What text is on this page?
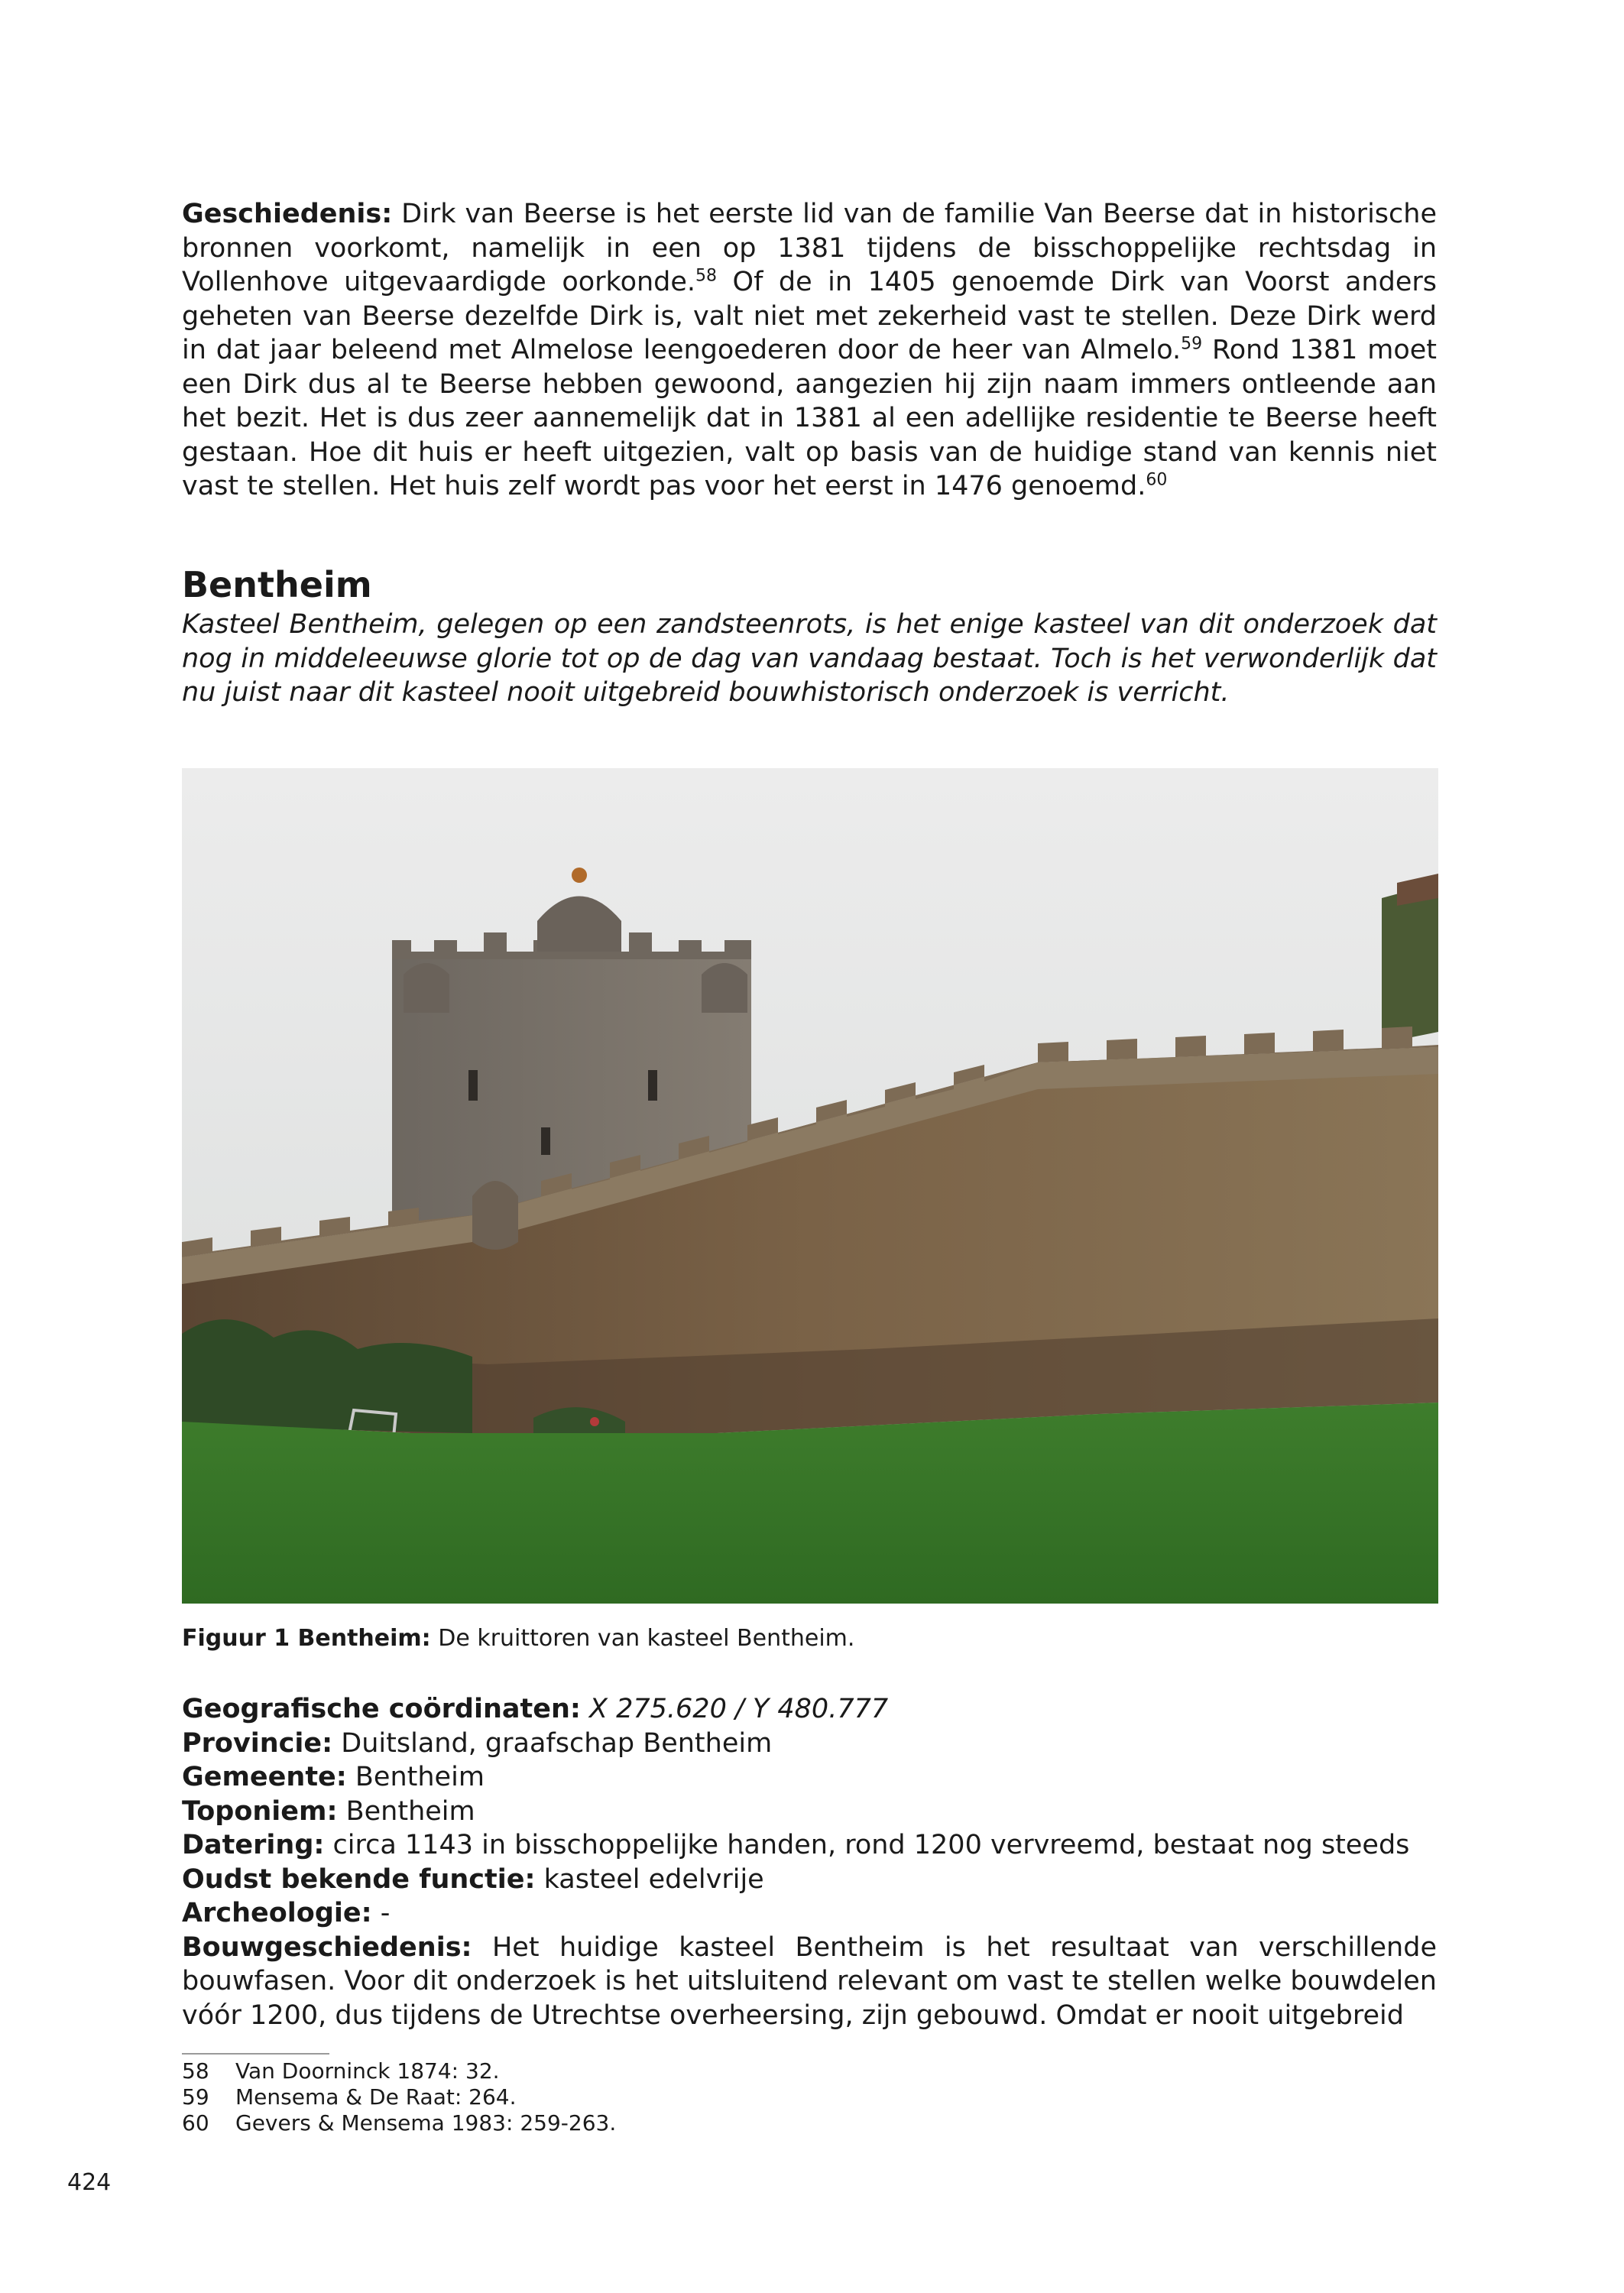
Geschiedenis: Dirk van Beerse is het eerste lid van de familie Van Beerse dat in historische bronnen voorkomt, namelijk in een op 1381 tijdens de bisschoppelijke rechtsdag in Vollenhove uitgevaardigde oorkonde.$^{58}$ Of de in 1405 genoemde Dirk van Voorst anders geheten van Beerse dezelfde Dirk is, valt niet met zekerheid vast te stellen. Deze Dirk werd in dat jaar beleend met Almelose leengoederen door de heer van Almelo.$^{59}$ Rond 1381 moet een Dirk dus al te Beerse hebben gewoond, aangezien hij zijn naam immers ontleende aan het bezit. Het is dus zeer aannemelijk dat in 1381 al een adellijke residentie te Beerse heeft gestaan. Hoe dit huis er heeft uitgezien, valt op basis van de huidige stand van kennis niet vast te stellen. Het huis zelf wordt pas voor het eerst in 1476 genoemd.$^{60}$

Bentheim

Kasteel Bentheim, gelegen op een zandsteenrots, is het enige kasteel van dit onderzoek dat nog in middeleeuwse glorie tot op de dag van vandaag bestaat. Toch is het verwonderlijk dat nu juist naar dit kasteel nooit uitgebreid bouwhistorisch onderzoek is verricht.

Figuur 1 Bentheim: De kruittoren van kasteel Bentheim.
Geografische coördinaten: X 275.620 / Y 480.777
Provincie: Duitsland, graafschap Bentheim
Gemeente: Bentheim
Toponiem: Bentheim
Datering: circa 1143 in bisschoppelijke handen, rond 1200 vervreemd, bestaat nog steeds
Oudst bekende functie: kasteel edelvrije
Archeologie: -
Bouwgeschiedenis: Het huidige kasteel Bentheim is het resultaat van verschillende bouwfasen. Voor dit onderzoek is het uitsluitend relevant om vast te stellen welke bouwdelen vóór 1200, dus tijdens de Utrechtse overheersing, zijn gebouwd. Omdat er nooit uitgebreid
58 Van Doorninck 1874: 32.
59 Mensema & De Raat: 264.
60 Gevers & Mensema 1983: 259-263.
424
